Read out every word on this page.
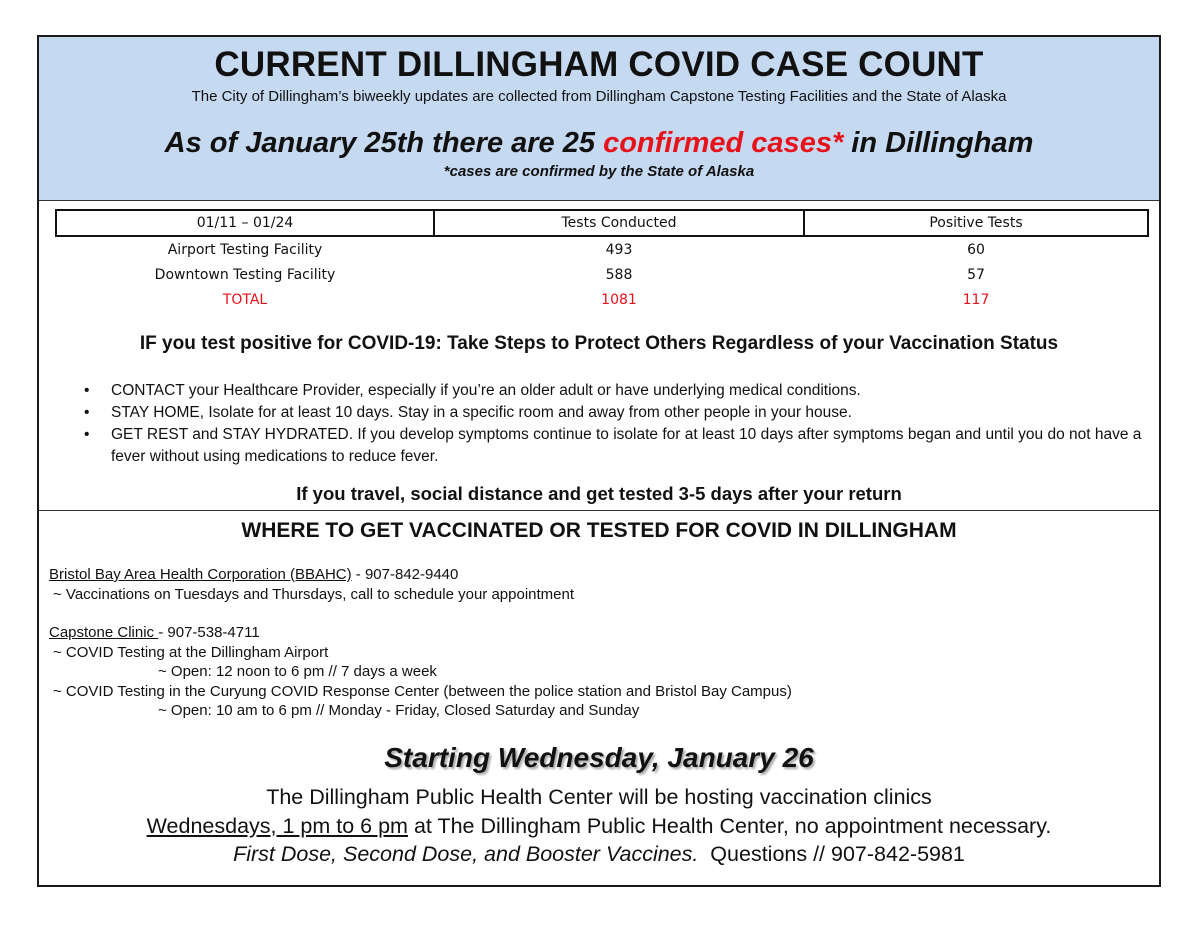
CURRENT DILLINGHAM COVID CASE COUNT
The City of Dillingham’s biweekly updates are collected from Dillingham Capstone Testing Facilities and the State of Alaska
As of January 25th there are 25 confirmed cases* in Dillingham
*cases are confirmed by the State of Alaska
01/11 – 01/24	Tests Conducted	Positive Tests
Airport Testing Facility	493	60
Downtown Testing Facility	588	57
TOTAL	1081	117
IF you test positive for COVID-19: Take Steps to Protect Others Regardless of your Vaccination Status
• CONTACT your Healthcare Provider, especially if you’re an older adult or have underlying medical conditions.
• STAY HOME, Isolate for at least 10 days. Stay in a specific room and away from other people in your house.
• GET REST and STAY HYDRATED. If you develop symptoms continue to isolate for at least 10 days after symptoms began and until you do not have a fever without using medications to reduce fever.
If you travel, social distance and get tested 3-5 days after your return
WHERE TO GET VACCINATED OR TESTED FOR COVID IN DILLINGHAM
Bristol Bay Area Health Corporation (BBAHC) - 907-842-9440
~ Vaccinations on Tuesdays and Thursdays, call to schedule your appointment
Capstone Clinic - 907-538-4711
~ COVID Testing at the Dillingham Airport
~ Open: 12 noon to 6 pm // 7 days a week
~ COVID Testing in the Curyung COVID Response Center (between the police station and Bristol Bay Campus)
~ Open: 10 am to 6 pm // Monday - Friday, Closed Saturday and Sunday
Starting Wednesday, January 26
The Dillingham Public Health Center will be hosting vaccination clinics
Wednesdays, 1 pm to 6 pm at The Dillingham Public Health Center, no appointment necessary.
First Dose, Second Dose, and Booster Vaccines.  Questions // 907-842-5981
